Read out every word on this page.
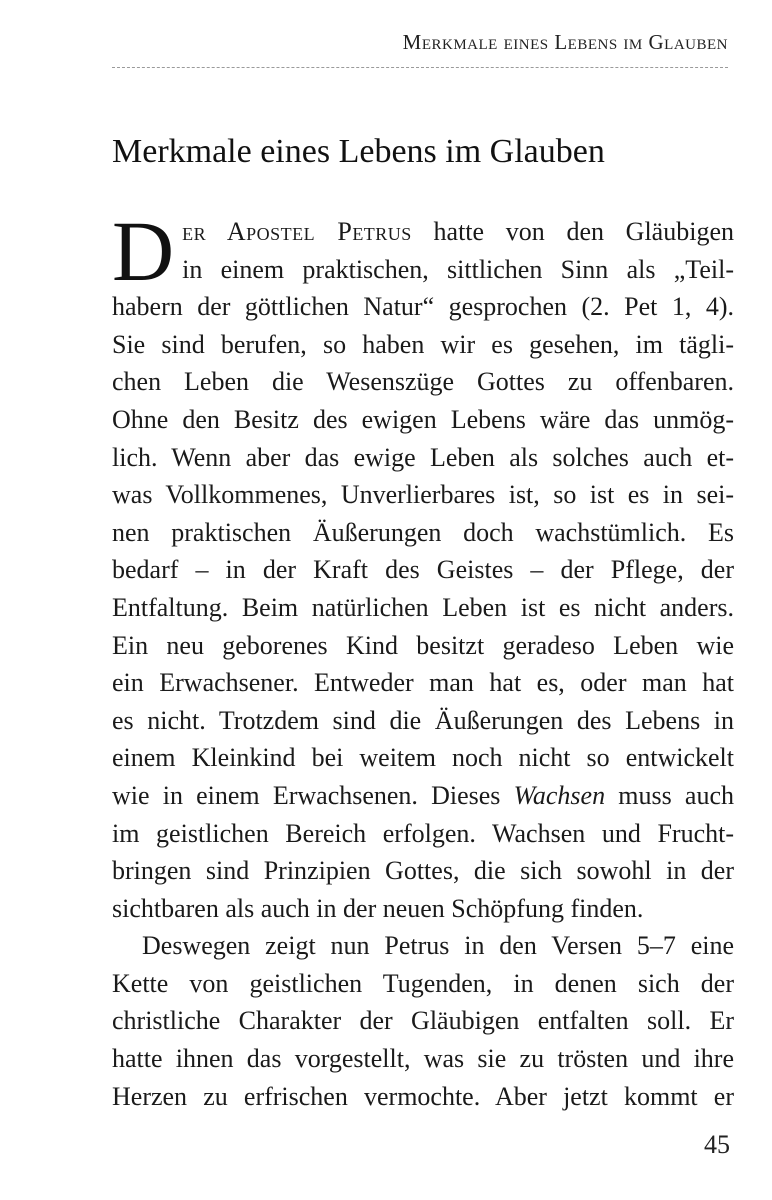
Merkmale eines Lebens im Glauben
Merkmale eines Lebens im Glauben
D er Apostel Petrus hatte von den Gläubigen
in einem praktischen, sittlichen Sinn als „Teil-
habern der göttlichen Natur“ gesprochen (2. Pet 1, 4).
Sie sind berufen, so haben wir es gesehen, im tägli-
chen Leben die Wesenszüge Gottes zu offenbaren.
Ohne den Besitz des ewigen Lebens wäre das unmög-
lich. Wenn aber das ewige Leben als solches auch et-
was Vollkommenes, Unverlierbares ist, so ist es in sei-
nen praktischen Äußerungen doch wachstümlich. Es
bedarf – in der Kraft des Geistes – der Pflege, der
Entfaltung. Beim natürlichen Leben ist es nicht anders.
Ein neu geborenes Kind besitzt geradeso Leben wie
ein Erwachsener. Entweder man hat es, oder man hat
es nicht. Trotzdem sind die Äußerungen des Lebens in
einem Kleinkind bei weitem noch nicht so entwickelt
wie in einem Erwachsenen. Dieses Wachsen muss auch
im geistlichen Bereich erfolgen. Wachsen und Frucht-
bringen sind Prinzipien Gottes, die sich sowohl in der
sichtbaren als auch in der neuen Schöpfung finden.
Deswegen zeigt nun Petrus in den Versen 5–7 eine
Kette von geistlichen Tugenden, in denen sich der
christliche Charakter der Gläubigen entfalten soll. Er
hatte ihnen das vorgestellt, was sie zu trösten und ihre
Herzen zu erfrischen vermochte. Aber jetzt kommt er
45
